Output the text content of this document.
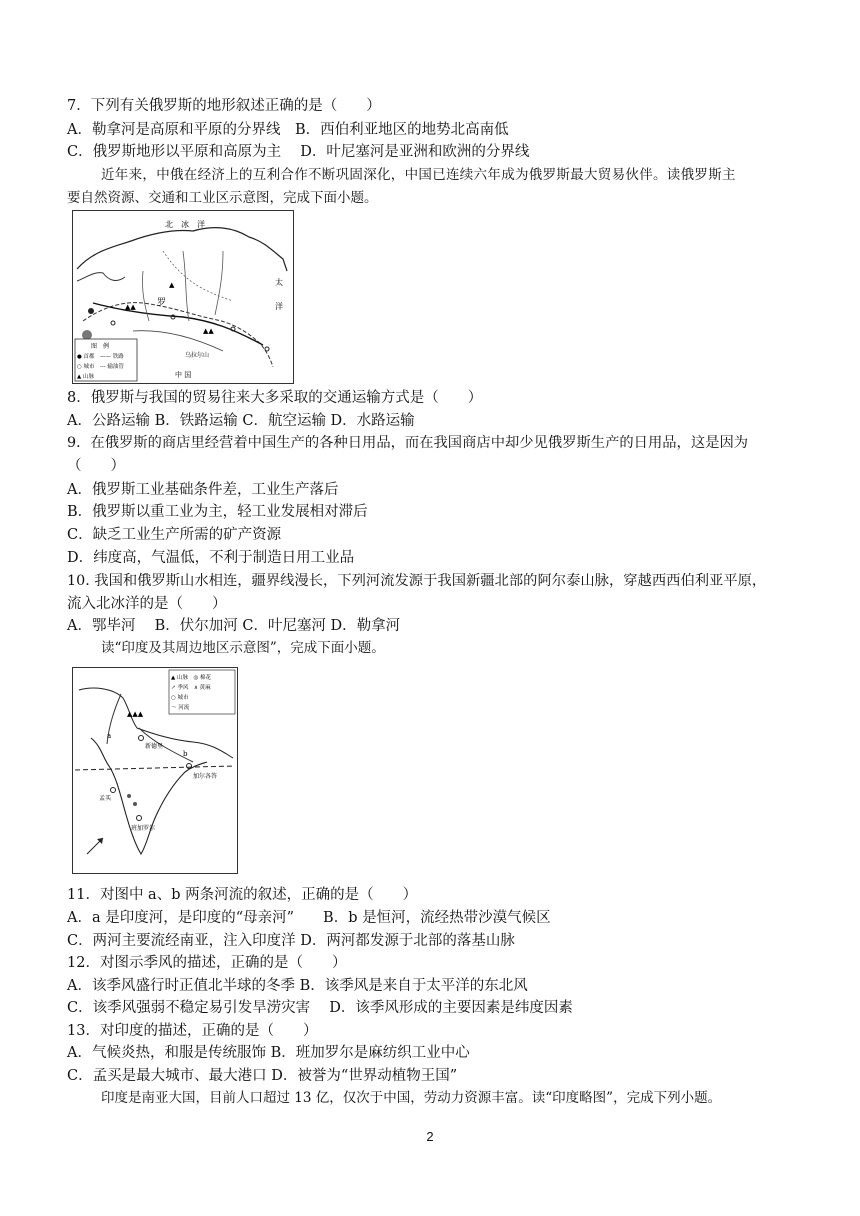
7．下列有关俄罗斯的地形叙述正确的是（　　）
A．勒拿河是高原和平原的分界线　B．西伯利亚地区的地势北高南低
C．俄罗斯地形以平原和高原为主　 D．叶尼塞河是亚洲和欧洲的分界线
近年来，中俄在经济上的互利合作不断巩固深化，中国已连续六年成为俄罗斯最大贸易伙伴。读俄罗斯主
要自然资源、交通和工业区示意图，完成下面小题。
▲▲
▲▲
▲
北　冰　洋
罗
太
洋
乌拉尔山
中 国
图　例
● 首都　—— 铁路
○ 城市　--- 输油管
▲ 山脉
8．俄罗斯与我国的贸易往来大多采取的交通运输方式是（　　）
A．公路运输 B．铁路运输 C．航空运输 D．水路运输
9．在俄罗斯的商店里经营着中国生产的各种日用品，而在我国商店中却少见俄罗斯生产的日用品，这是因为
（　　）
A．俄罗斯工业基础条件差，工业生产落后
B．俄罗斯以重工业为主，轻工业发展相对滞后
C．缺乏工业生产所需的矿产资源
D．纬度高，气温低，不利于制造日用工业品
10. 我国和俄罗斯山水相连，疆界线漫长，下列河流发源于我国新疆北部的阿尔泰山脉，穿越西西伯利亚平原，
流入北冰洋的是（　　）
A．鄂毕河　 B．伏尔加河 C．叶尼塞河 D．勒拿河
读“印度及其周边地区示意图”，完成下面小题。
▲ 山脉　◎ 棉花
↗ 季风　∧ 黄麻
○ 城市
～ 河流
▲▲▲
a
b
新德里
加尔各答
孟买
班加罗尔
11．对图中 a、b 两条河流的叙述，正确的是（　　）
A．a 是印度河，是印度的“母亲河”　　B．b 是恒河，流经热带沙漠气候区
C．两河主要流经南亚，注入印度洋 D．两河都发源于北部的落基山脉
12．对图示季风的描述，正确的是（　　）
A．该季风盛行时正值北半球的冬季 B．该季风是来自于太平洋的东北风
C．该季风强弱不稳定易引发旱涝灾害　 D．该季风形成的主要因素是纬度因素
13．对印度的描述，正确的是（　　）
A．气候炎热，和服是传统服饰 B．班加罗尔是麻纺织工业中心
C．孟买是最大城市、最大港口 D．被誉为“世界动植物王国”
印度是南亚大国，目前人口超过 13 亿，仅次于中国，劳动力资源丰富。读“印度略图”，完成下列小题。
2
